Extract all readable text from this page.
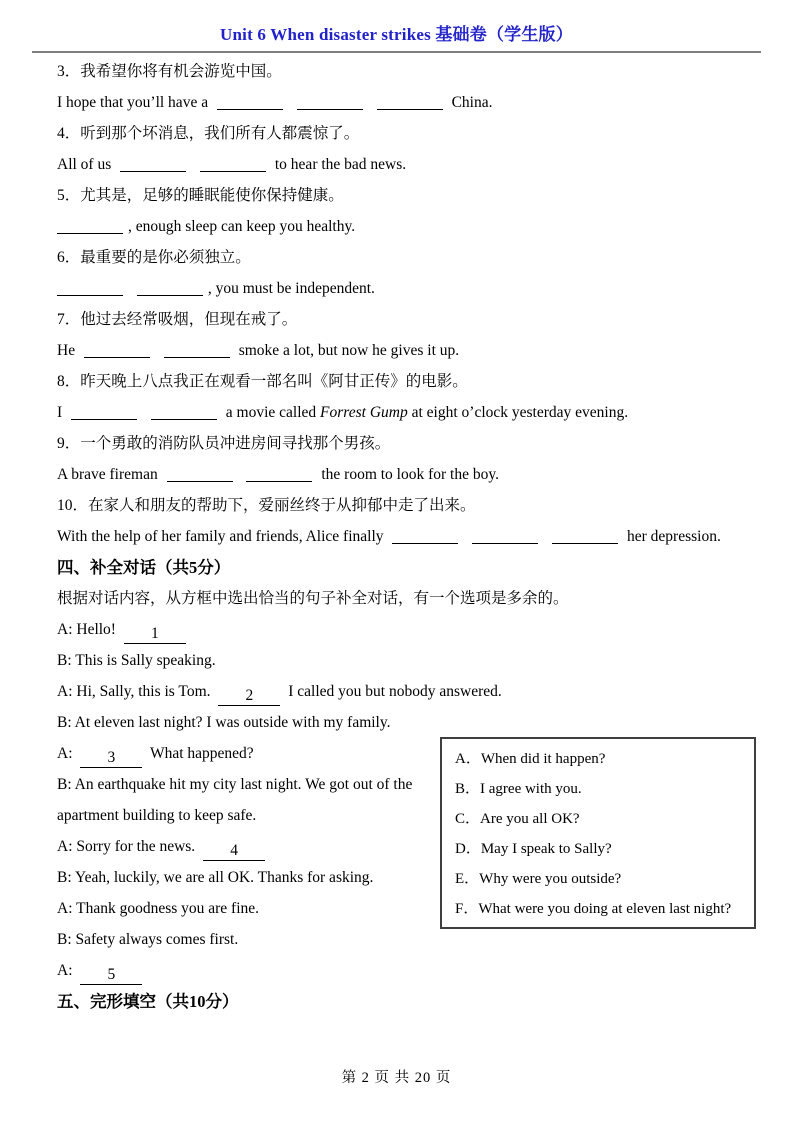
Unit 6 When disaster strikes 基础卷（学生版）
3．我希望你将有机会游览中国。
I hope that you’ll have a	China.
4．听到那个坏消息，我们所有人都震惊了。
All of us	to hear the bad news.
5．尤其是，足够的睡眠能使你保持健康。
, enough sleep can keep you healthy.
6．最重要的是你必须独立。
, you must be independent.
7．他过去经常吸烟，但现在戒了。
He	smoke a lot, but now he gives it up.
8．昨天晚上八点我正在观看一部名叫《阿甘正传》的电影。
I	a movie called Forrest Gump at eight o’clock yesterday evening.
9．一个勇敢的消防队员冲进房间寻找那个男孩。
A brave fireman	the room to look for the boy.
10．在家人和朋友的帮助下，爱丽丝终于从抑郁中走了出来。
With the help of her family and friends, Alice finally	her depression.
四、补全对话（共5分）
根据对话内容，从方框中选出恰当的句子补全对话，有一个选项是多余的。
A: Hello! 1
B: This is Sally speaking.
A: Hi, Sally, this is Tom. 2 I called you but nobody answered.
B: At eleven last night? I was outside with my family.
A: 3 What happened?
B: An earthquake hit my city last night. We got out of the apartment building to keep safe.
A: Sorry for the news. 4
B: Yeah, luckily, we are all OK. Thanks for asking.
A: Thank goodness you are fine.
B: Safety always comes first.
A: 5
五、完形填空（共10分）
A．When did it happen?
B．I agree with you.
C．Are you all OK?
D．May I speak to Sally?
E．Why were you outside?
F．What were you doing at eleven last night?
第 2 页 共 20 页
